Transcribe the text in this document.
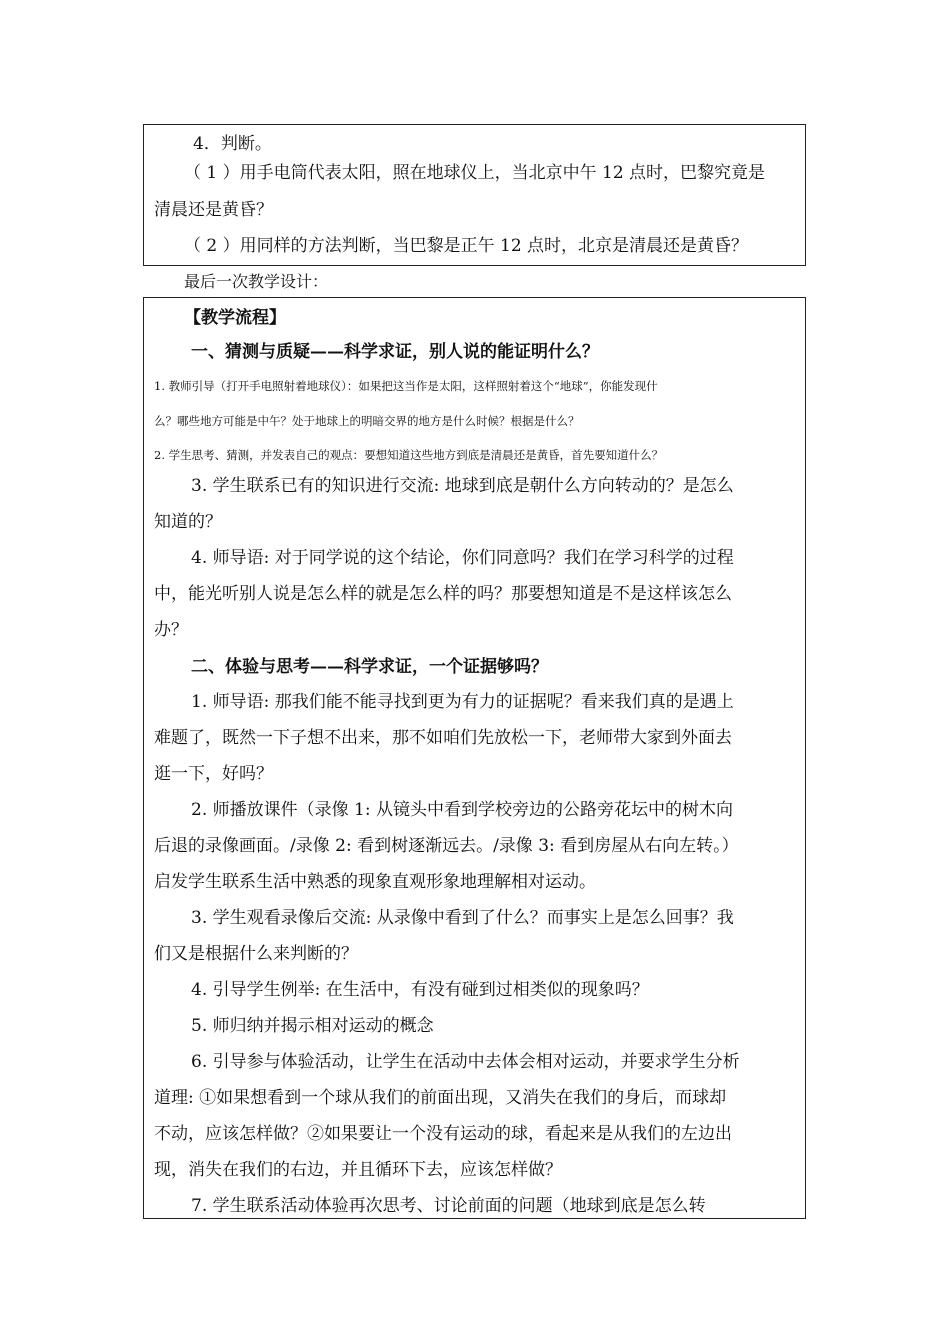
4．判断。
（ 1 ）用手电筒代表太阳，照在地球仪上，当北京中午 12 点时，巴黎究竟是
清晨还是黄昏？
（ 2 ）用同样的方法判断，当巴黎是正午 12 点时，北京是清晨还是黄昏？
最后一次教学设计：
【教学流程】
一、猜测与质疑——科学求证，别人说的能证明什么？
1. 教师引导（打开手电照射着地球仪）：如果把这当作是太阳，这样照射着这个“地球”，你能发现什
么？哪些地方可能是中午？处于地球上的明暗交界的地方是什么时候？根据是什么？
2. 学生思考、猜测，并发表自己的观点：要想知道这些地方到底是清晨还是黄昏，首先要知道什么？
3. 学生联系已有的知识进行交流: 地球到底是朝什么方向转动的？是怎么
知道的？
4. 师导语: 对于同学说的这个结论，你们同意吗？我们在学习科学的过程
中，能光听别人说是怎么样的就是怎么样的吗？那要想知道是不是这样该怎么
办？
二、体验与思考——科学求证，一个证据够吗？
1. 师导语: 那我们能不能寻找到更为有力的证据呢？看来我们真的是遇上
难题了，既然一下子想不出来，那不如咱们先放松一下，老师带大家到外面去
逛一下，好吗？
2. 师播放课件（录像 1: 从镜头中看到学校旁边的公路旁花坛中的树木向
后退的录像画面。/录像 2: 看到树逐渐远去。/录像 3: 看到房屋从右向左转。）
启发学生联系生活中熟悉的现象直观形象地理解相对运动。
3. 学生观看录像后交流: 从录像中看到了什么？而事实上是怎么回事？我
们又是根据什么来判断的？
4. 引导学生例举: 在生活中，有没有碰到过相类似的现象吗？
5. 师归纳并揭示相对运动的概念
6. 引导参与体验活动，让学生在活动中去体会相对运动，并要求学生分析
道理: ①如果想看到一个球从我们的前面出现，又消失在我们的身后，而球却
不动，应该怎样做？②如果要让一个没有运动的球，看起来是从我们的左边出
现，消失在我们的右边，并且循环下去，应该怎样做？
7. 学生联系活动体验再次思考、讨论前面的问题（地球到底是怎么转
